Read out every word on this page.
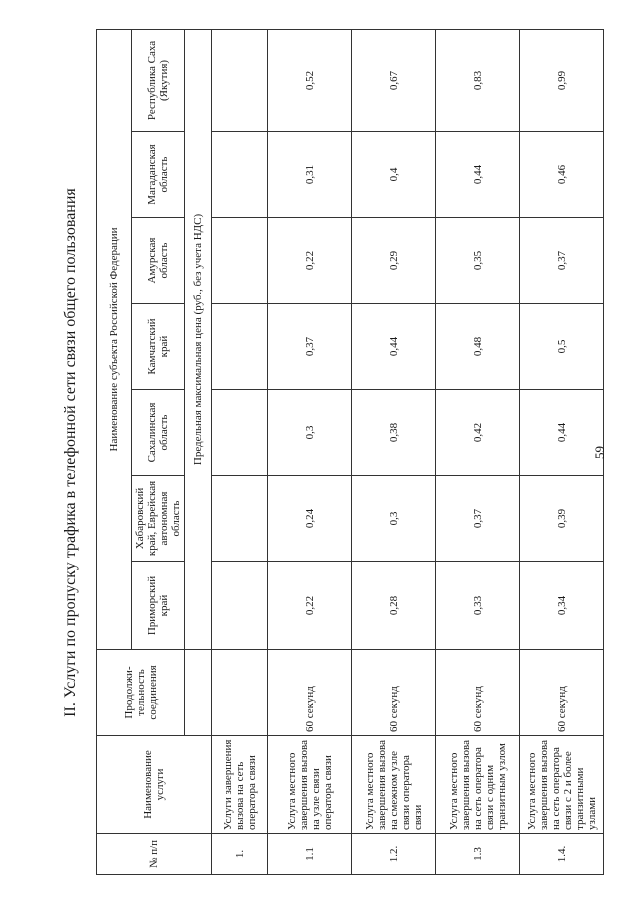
II. Услуги по пропуску трафика в телефонной сети связи общего пользования
№ п/п	Наименование услуги	Продолжи- тельность соединения	Наименование субъекта Российской Федерации						
			Приморский край	Хабаровский край, Еврейская автономная область	Сахалинская область	Камчатский край	Амурская область	Магаданская область	Республика Саха (Якутия)
			Предельная максимальная цена (руб., без учета НДС)						
1.	Услуги завершения вызова на сеть оператора связи								
1.1	Услуга местного завершения вызова на узле связи оператора связи	60 секунд	0,22	0,24	0,3	0,37	0,22	0,31	0,52
1.2.	Услуга местного завершения вызова на смежном узле связи оператора связи	60 секунд	0,28	0,3	0,38	0,44	0,29	0,4	0,67
1.3	Услуга местного завершения вызова на сеть оператора связи с одним транзитным узлом	60 секунд	0,33	0,37	0,42	0,48	0,35	0,44	0,83
1.4.	Услуга местного завершения вызова на сеть оператора связи с 2 и более транзитными узлами	60 секунд	0,34	0,39	0,44	0,5	0,37	0,46	0,99
59
